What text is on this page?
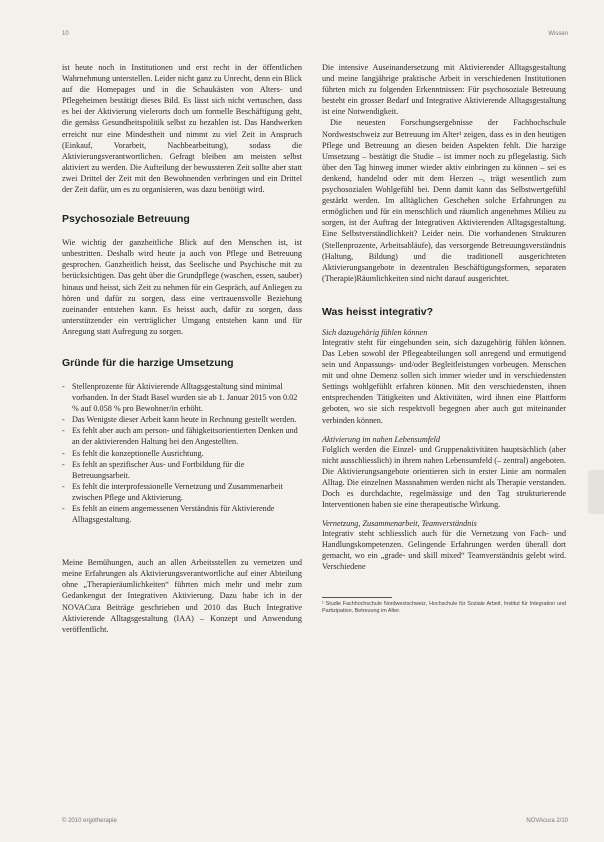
10	Wissen

ist heute noch in Institutionen und erst recht in der öffentlichen Wahrnehmung unterstellen. Leider nicht ganz zu Unrecht, denn ein Blick auf die Homepages und in die Schaukästen von Alters- und Pflegeheimen bestätigt dieses Bild. Es lässt sich nicht vertuschen, dass es bei der Aktivierung vielerorts doch um formelle Beschäftigung geht, die gemäss Gesundheitspolitik selbst zu bezahlen ist. Das Handwerken erreicht nur eine Mindestheit und nimmt zu viel Zeit in Anspruch (Einkauf, Vorarbeit, Nachbearbeitung), sodass die Aktivierungsverantwortlichen. Gefragt bleiben am meisten selbst aktiviert zu werden. Die Aufteilung der bewussteren Zeit sollte aber statt zwei Drittel der Zeit mit den Bewohnenden verbringen und ein Drittel der Zeit dafür, um es zu organisieren, was dazu benötigt wird.

Psychosoziale Betreuung

Wie wichtig der ganzheitliche Blick auf den Menschen ist, ist unbestritten. Deshalb wird heute ja auch von Pflege und Betreuung gesprochen. Ganzheitlich heisst, das Seelische und Psychische mit zu berücksichtigen. Das geht über die Grundpflege (waschen, essen, sauber) hinaus und heisst, sich Zeit zu nehmen für ein Gespräch, auf Anliegen zu hören und dafür zu sorgen, dass eine vertrauensvolle Beziehung zueinander entstehen kann. Es heisst auch, dafür zu sorgen, dass unterstützender ein verträglicher Umgang entstehen kann und für Anregung statt Aufregung zu sorgen.

Gründe für die harzige Umsetzung
- Stellenprozente für Aktivierende Alltagsgestaltung sind minimal vorhanden. In der Stadt Basel wurden sie ab 1. Januar 2015 von 0.02 % auf 0.058 % pro Bewohner/in erhöht.
- Das Wenigste dieser Arbeit kann heute in Rechnung gestellt werden.
- Es fehlt aber auch am person- und fähigkeitsorientierten Denken und an der aktivierenden Haltung bei den Angestellten.
- Es fehlt die konzeptionelle Ausrichtung.
- Es fehlt an spezifischer Aus- und Fortbildung für die Betreuungsarbeit.
- Es fehlt die interprofessionelle Vernetzung und Zusammenarbeit zwischen Pflege und Aktivierung.
- Es fehlt an einem angemessenen Verständnis für Aktivierende Alltagsgestaltung.

Meine Bemühungen, auch an allen Arbeitsstellen zu vernetzen und meine Erfahrungen als Aktivierungsverantwortliche auf einer Abteilung ohne „Therapieräumlichkeiten“ führten mich mehr und mehr zum Gedankengut der Integrativen Aktivierung. Dazu habe ich in der NOVACura Beiträge geschrieben und 2010 das Buch Integrative Aktivierende Alltagsgestaltung (IAA) – Konzept und Anwendung veröffentlicht.

Die intensive Auseinandersetzung mit Aktivierender Alltagsgestaltung und meine langjährige praktische Arbeit in verschiedenen Institutionen führten mich zu folgenden Erkenntnissen: Für psychosoziale Betreuung besteht ein grosser Bedarf und Integrative Aktivierende Alltagsgestaltung ist eine Notwendigkeit.

Die neuesten Forschungsergebnisse der Fachhochschule Nordwestschweiz zur Betreuung im Alter¹ zeigen, dass es in den heutigen Pflege und Betreuung an diesen beiden Aspekten fehlt. Die harzige Umsetzung – bestätigt die Studie – ist immer noch zu pflegelastig. Sich über den Tag hinweg immer wieder aktiv einbringen zu können – sei es denkend, handelnd oder mit dem Herzen –, trägt wesentlich zum psychosozialen Wohlgefühl bei. Denn damit kann das Selbstwertgefühl gestärkt werden. Im alltäglichen Geschehen solche Erfahrungen zu ermöglichen und für ein menschlich und räumlich angenehmes Milieu zu sorgen, ist der Auftrag der Integrativen Aktivierenden Alltagsgestaltung. Eine Selbstverständlichkeit? Leider nein. Die vorhandenen Strukturen (Stellenprozente, Arbeitsabläufe), das versorgende Betreuungsverständnis (Haltung, Bildung) und die traditionell ausgerichteten Aktivierungsangebote in dezentralen Beschäftigungsformen, separaten (Therapie)Räumlichkeiten sind nicht darauf ausgerichtet.

Was heisst integrativ?
Sich dazugehörig fühlen können

Integrativ steht für eingebunden sein, sich dazugehörig fühlen können. Das Leben sowohl der Pflegeabteilungen soll anregend und ermutigend sein und Anpassungs- und/oder Begleitleistungen vorbeugen. Menschen mit und ohne Demenz sollen sich immer wieder und in verschiedensten Settings wohlgefühlt erfahren können. Mit den verschiedensten, ihnen entsprechenden Tätigkeiten und Aktivitäten, wird ihnen eine Plattform geboten, wo sie sich respektvoll begegnen aber auch gut miteinander verbinden können.

Aktivierung im nahen Lebensumfeld

Folglich werden die Einzel- und Gruppenaktivitäten hauptsächlich (aber nicht ausschliesslich) in ihrem nahen Lebensumfeld (– zentral) angeboten. Die Aktivierungsangebote orientieren sich in erster Linie am normalen Alltag. Die einzelnen Massnahmen werden nicht als Therapie verstanden. Doch es durchdachte, regelmässige und den Tag strukturierende Interventionen haben sie eine therapeutische Wirkung.

Vernetzung, Zusammenarbeit, Teamverständnis

Integrativ steht schliesslich auch für die Vernetzung von Fach- und Handlungskompetenzen. Gelingende Erfahrungen werden überall dort gemacht, wo ein „grade- und skill mixed“ Teamverständnis gelebt wird. Verschiedene

¹ Studie Fachhochschule Nordwestschweiz, Hochschule für Soziale Arbeit, Institut für Integration und Partizipation, Betreuung im Alter.

© 2010 ergotherapie	NOVAcura 2/10
